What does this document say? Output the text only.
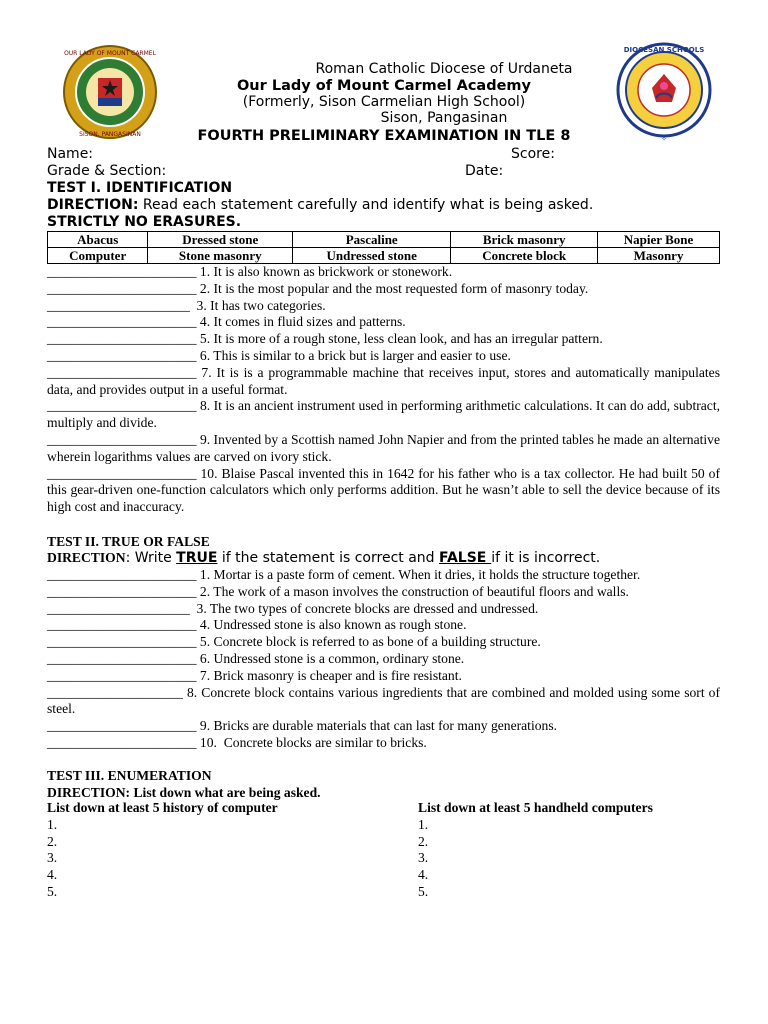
OUR LADY OF MOUNT CARMEL
SISON, PANGASINAN
DIOCESAN SCHOOLS
✧
Roman Catholic Diocese of Urdaneta
Our Lady of Mount Carmel Academy
(Formerly, Sison Carmelian High School)
Sison, Pangasinan
FOURTH PRELIMINARY EXAMINATION IN TLE 8
Name:	Score:
Grade & Section:	Date:
TEST I. IDENTIFICATION
DIRECTION: Read each statement carefully and identify what is being asked.
STRICTLY NO ERASURES.
Abacus	Dressed stone	Pascaline	Brick masonry	Napier Bone
Computer	Stone masonry	Undressed stone	Concrete block	Masonry
______________________ 1. It is also known as brickwork or stonework.
______________________ 2. It is the most popular and the most requested form of masonry today.
_____________________  3. It has two categories.
______________________ 4. It comes in fluid sizes and patterns.
______________________ 5. It is more of a rough stone, less clean look, and has an irregular pattern.
______________________ 6. This is similar to a brick but is larger and easier to use.
______________________ 7. It is is a programmable machine that receives input, stores and automatically manipulates data, and provides output in a useful format.
______________________ 8. It is an ancient instrument used in performing arithmetic calculations. It can do add, subtract, multiply and divide.
______________________ 9. Invented by a Scottish named John Napier and from the printed tables he made an alternative wherein logarithms values are carved on ivory stick.
______________________ 10. Blaise Pascal invented this in 1642 for his father who is a tax collector. He had built 50 of this gear-driven one-function calculators which only performs addition. But he wasn’t able to sell the device because of its high cost and inaccuracy.
TEST II. TRUE OR FALSE
DIRECTION: Write TRUE if the statement is correct and FALSE if it is incorrect.
______________________ 1. Mortar is a paste form of cement. When it dries, it holds the structure together.
______________________ 2. The work of a mason involves the construction of beautiful floors and walls.
_____________________  3. The two types of concrete blocks are dressed and undressed.
______________________ 4. Undressed stone is also known as rough stone.
______________________ 5. Concrete block is referred to as bone of a building structure.
______________________ 6. Undressed stone is a common, ordinary stone.
______________________ 7. Brick masonry is cheaper and is fire resistant.
____________________ 8. Concrete block contains various ingredients that are combined and molded using some sort of steel.
______________________ 9. Bricks are durable materials that can last for many generations.
______________________ 10.  Concrete blocks are similar to bricks.
TEST III. ENUMERATION
DIRECTION: List down what are being asked.
List down at least 5 history of computer
1.
2.
3.
4.
5.
List down at least 5 handheld computers
1.
2.
3.
4.
5.
